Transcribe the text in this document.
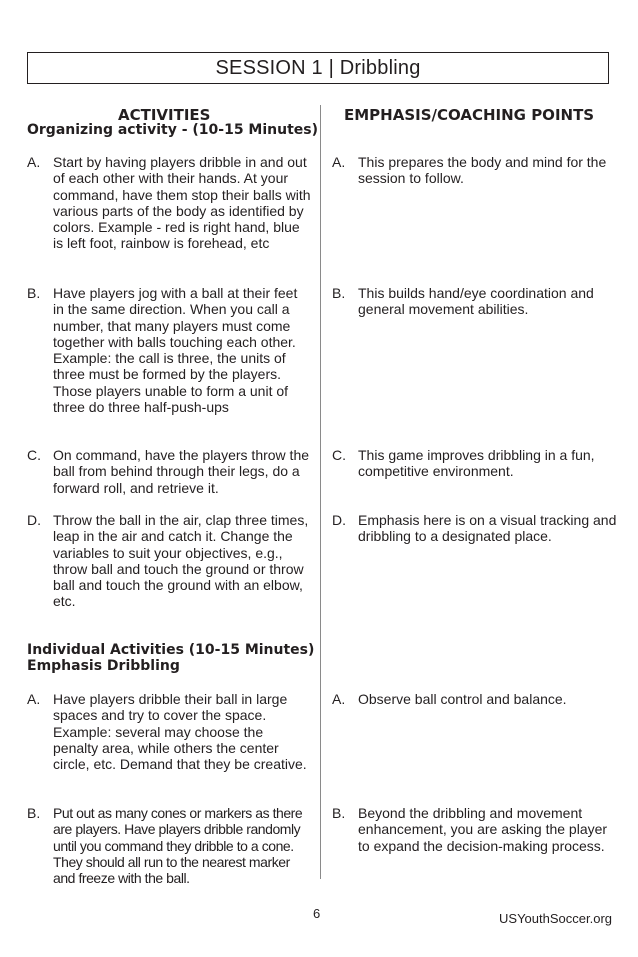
SESSION 1 | Dribbling
ACTIVITIES	EMPHASIS/COACHING POINTS
Organizing activity - (10-15 Minutes)
A. Start by having players dribble in and out of each other with their hands. At your command, have them stop their balls with various parts of the body as identified by colors. Example - red is right hand, blue is left foot, rainbow is forehead, etc
B. Have players jog with a ball at their feet in the same direction. When you call a number, that many players must come together with balls touching each other. Example: the call is three, the units of three must be formed by the players. Those players unable to form a unit of three do three half-push-ups
C. On command, have the players throw the ball from behind through their legs, do a forward roll, and retrieve it.
D. Throw the ball in the air, clap three times, leap in the air and catch it. Change the variables to suit your objectives, e.g., throw ball and touch the ground or throw ball and touch the ground with an elbow, etc.
A. This prepares the body and mind for the session to follow.
B. This builds hand/eye coordination and general movement abilities.
C. This game improves dribbling in a fun, competitive environment.
D. Emphasis here is on a visual tracking and dribbling to a designated place.
Individual Activities (10-15 Minutes)
Emphasis Dribbling
A. Have players dribble their ball in large spaces and try to cover the space. Example: several may choose the penalty area, while others the center circle, etc. Demand that they be creative.
B. Put out as many cones or markers as there are players. Have players dribble randomly until you command they dribble to a cone. They should all run to the nearest marker and freeze with the ball.
A. Observe ball control and balance.
B. Beyond the dribbling and movement enhancement, you are asking the player to expand the decision-making process.
6	USYouthSoccer.org
